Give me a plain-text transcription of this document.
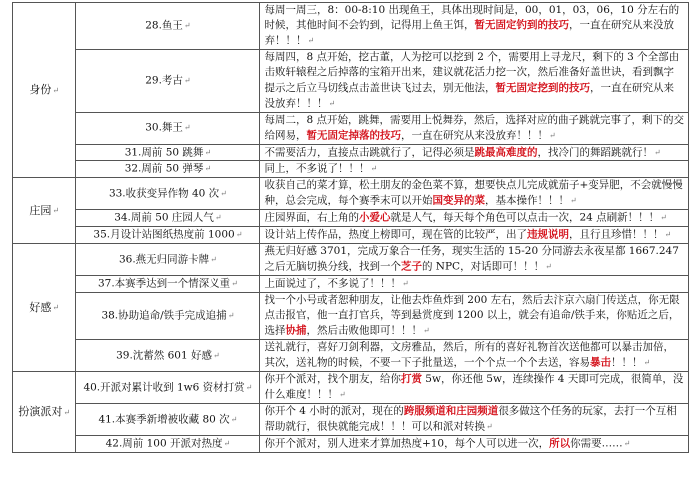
身份↵	28.鱼王↵	每周一周三，8：00-8:10 出现鱼王，具体出现时间是，00，01，03，06，10 分左右的时候，其他时间不会钓到，记得用上鱼王饵，暂无固定钓到的技巧，一直在研究从来没放弃！！！↵
	29.考古↵	每周四，8 点开始，挖古董，人为挖可以挖到 2 个，需要用上寻龙尺，剩下的 3 个全部由击败轩辕程之后掉落的宝箱开出来，建议就花活力挖一次，然后准备好盖世诀，看到飘字提示之后立马切线点击盖世诀飞过去，别无他法，暂无固定挖到的技巧，一直在研究从来没放弃！！！↵
	30.舞王↵	每周二，8 点开始，跳舞，需要用上悦舞券，然后，选择对应的曲子跳就完事了，剩下的交给网易，暂无固定掉落的技巧，一直在研究从来没放弃！！！↵
	31.周前 50 跳舞↵	不需要活力，直接点击跳就行了，记得必须是跳最高难度的，找冷门的舞蹈跳就行！↵
	32.周前 50 弹琴↵	同上，不多说了！！！↵
庄园↵	33.收获变异作物 40 次↵	收获自己的菜才算，松土朋友的金色菜不算，想要快点儿完成就茄子+变异肥，不会就慢慢种，总会完成，每个赛季末可以开始国变异的菜，基本操作！！！↵
	34.周前 50 庄园人气↵	庄园界面，右上角的小爱心就是人气，每天每个角色可以点击一次，24 点刷新！！！↵
	35.月设计站图纸热度前 1000↵	设计站上传作品，热度上榜即可，现在管的比较严，出了违规说明，且行且珍惜！！！↵
好感↵	36.燕无归同游卡牌↵	燕无归好感 3701，完成万象合一任务，现实生活的 15-20 分同游去永夜星都 1667.247 之后无脑切换分线，找到一个芝子的 NPC，对话即可！！！↵
	37.本赛季达到一个情深义重↵	上面说过了，不多说了！！！↵
	38.协助追命/铁手完成追捕↵	找一个小号或者恕种朋友，让他去炸鱼炸到 200 左右，然后去汴京六扇门传送点，你无限点击报官，他一直打官兵，等到悬赏度到 1200 以上，就会有追命/铁手来，你贴近之后，选择协捕，然后击败他即可！！！↵
	39.沈蓄然 601 好感↵	送礼就行，喜好刀剑利器，文房雅品，然后，所有的喜好礼物首次送他都可以暴击加倍，其次，送礼物的时候，不要一下子批量送，一个个点一个个去送，容易暴击！！！↵
扮演派对↵	40.开派对累计收到 1w6 资材打赏↵	你开个派对，找个朋友，给你打赏 5w，你还他 5w，连续操作 4 天即可完成，很简单，没什么难度！！！↵
	41.本赛季新增被收藏 80 次↵	你开个 4 小时的派对，现在的跨服频道和庄园频道很多做这个任务的玩家，去打一个互相帮助就行，很快就能完成！！！可以和派对转换↵
	42.周前 100 开派对热度↵	你开个派对，别人进来才算加热度+10，每个人可以进一次，所以你需要……↵
